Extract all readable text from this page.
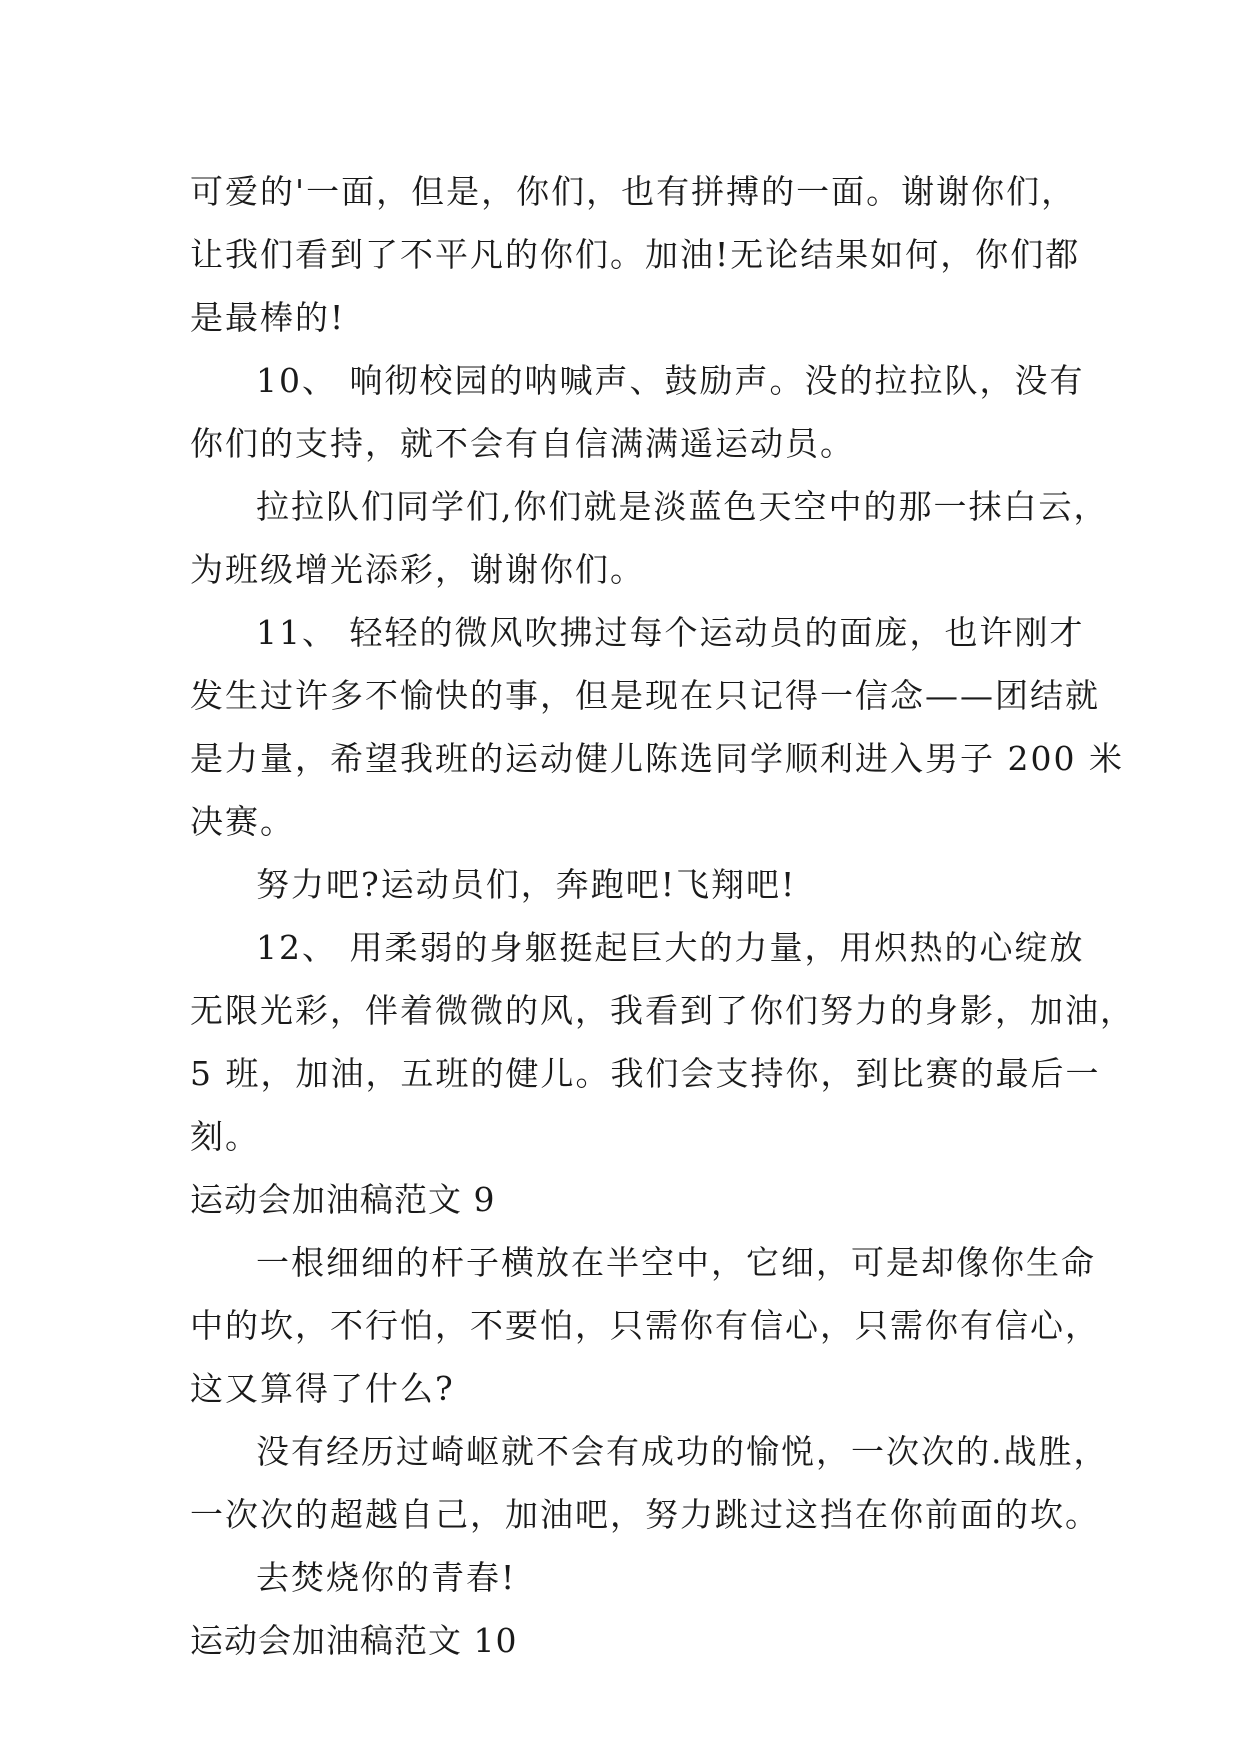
可爱的'一面，但是，你们，也有拼搏的一面。谢谢你们，
让我们看到了不平凡的你们。加油!无论结果如何，你们都
是最棒的!
10、 响彻校园的呐喊声、鼓励声。没的拉拉队，没有
你们的支持，就不会有自信满满遥运动员。
拉拉队们同学们,你们就是淡蓝色天空中的那一抹白云，
为班级增光添彩，谢谢你们。
11、 轻轻的微风吹拂过每个运动员的面庞，也许刚才
发生过许多不愉快的事，但是现在只记得一信念——团结就
是力量，希望我班的运动健儿陈选同学顺利进入男子 200 米
决赛。
努力吧?运动员们，奔跑吧!飞翔吧!
12、 用柔弱的身躯挺起巨大的力量，用炽热的心绽放
无限光彩，伴着微微的风，我看到了你们努力的身影，加油，
5 班，加油，五班的健儿。我们会支持你，到比赛的最后一
刻。
运动会加油稿范文 9
一根细细的杆子横放在半空中，它细，可是却像你生命
中的坎，不行怕，不要怕，只需你有信心，只需你有信心，
这又算得了什么?
没有经历过崎岖就不会有成功的愉悦，一次次的.战胜，
一次次的超越自己，加油吧，努力跳过这挡在你前面的坎。
去焚烧你的青春!
运动会加油稿范文 10
